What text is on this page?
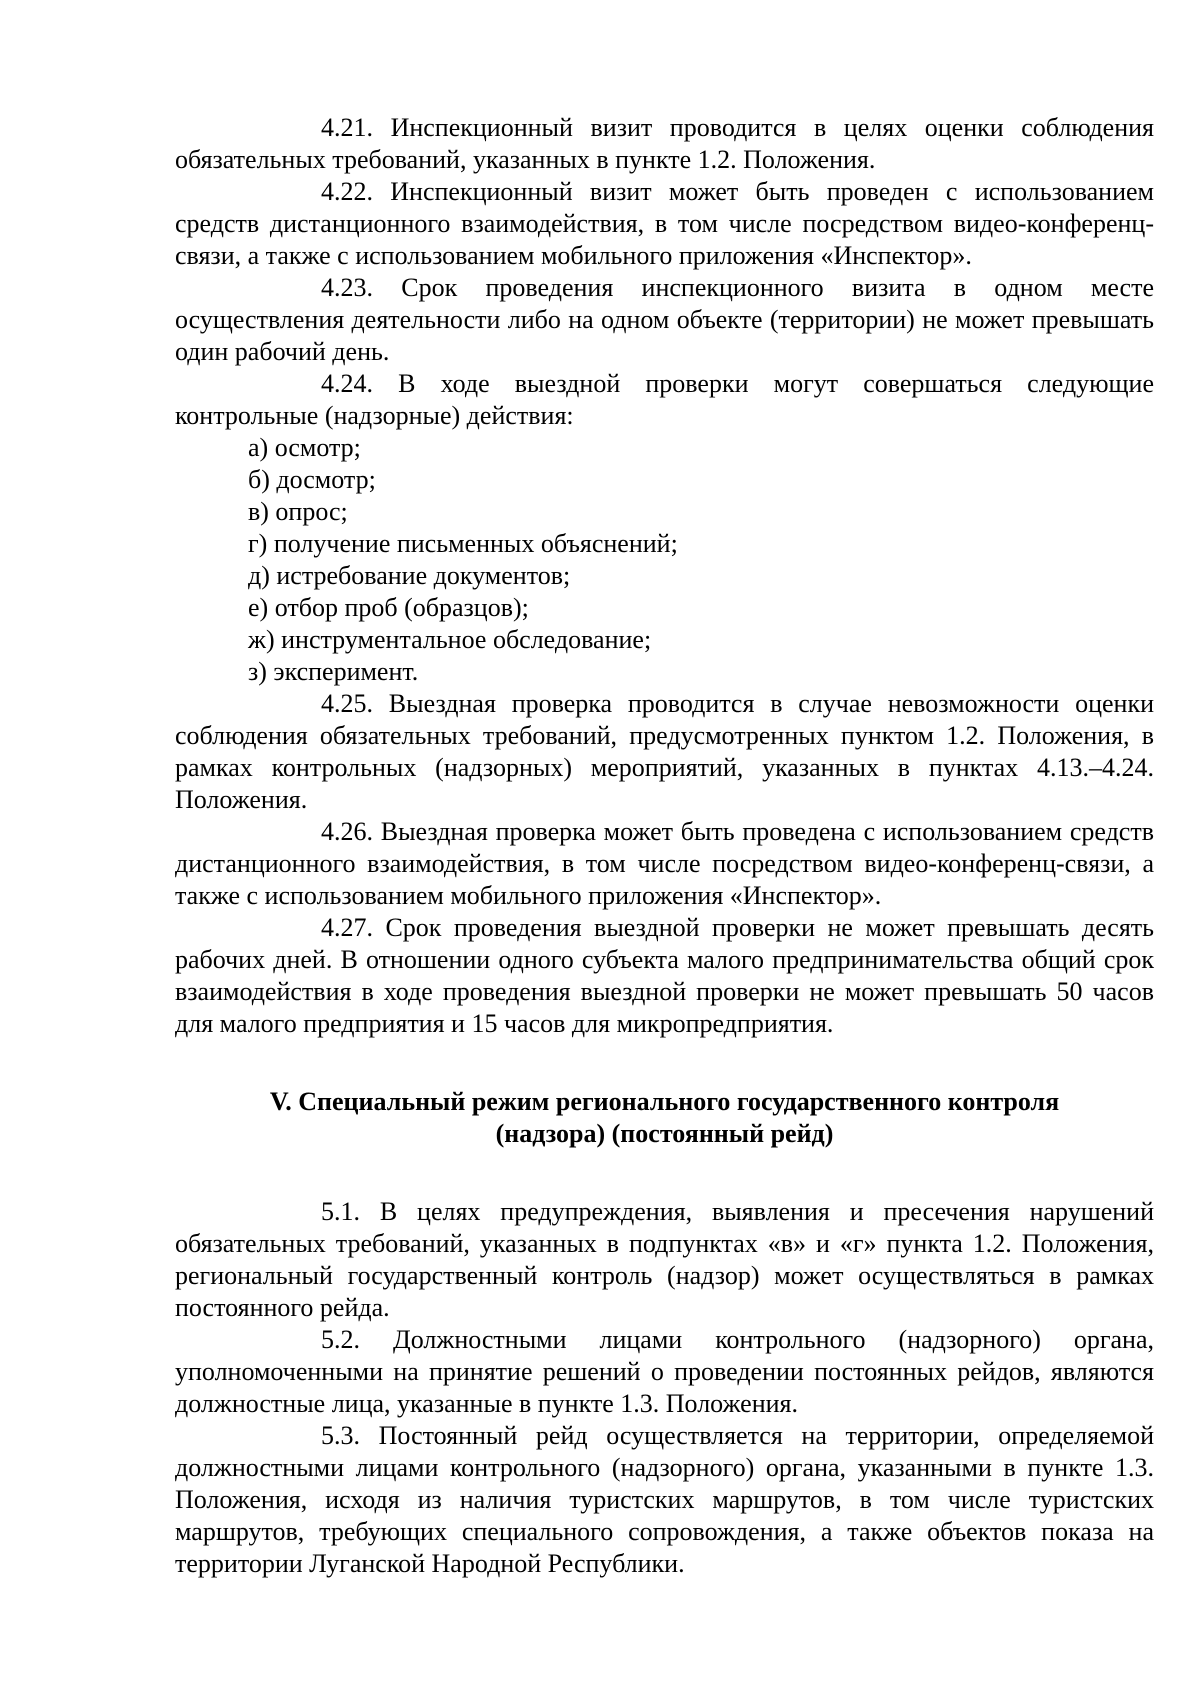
4.21. Инспекционный визит проводится в целях оценки соблюдения обязательных требований, указанных в пункте 1.2. Положения.

4.22. Инспекционный визит может быть проведен с использованием средств дистанционного взаимодействия, в том числе посредством видео-конференц-связи, а также с использованием мобильного приложения «Инспектор».

4.23. Срок проведения инспекционного визита в одном месте осуществления деятельности либо на одном объекте (территории) не может превышать один рабочий день.

4.24. В ходе выездной проверки могут совершаться следующие контрольные (надзорные) действия:

а) осмотр;

б) досмотр;

в) опрос;

г) получение письменных объяснений;

д) истребование документов;

е) отбор проб (образцов);

ж) инструментальное обследование;

з) эксперимент.

4.25. Выездная проверка проводится в случае невозможности оценки соблюдения обязательных требований, предусмотренных пунктом 1.2. Положения, в рамках контрольных (надзорных) мероприятий, указанных в пунктах 4.13.–4.24. Положения.

4.26. Выездная проверка может быть проведена с использованием средств дистанционного взаимодействия, в том числе посредством видео-конференц-связи, а также с использованием мобильного приложения «Инспектор».

4.27. Срок проведения выездной проверки не может превышать десять рабочих дней. В отношении одного субъекта малого предпринимательства общий срок взаимодействия в ходе проведения выездной проверки не может превышать 50 часов для малого предприятия и 15 часов для микропредприятия.

V. Специальный режим регионального государственного контроля
(надзора) (постоянный рейд)

5.1. В целях предупреждения, выявления и пресечения нарушений обязательных требований, указанных в подпунктах «в» и «г» пункта 1.2. Положения, региональный государственный контроль (надзор) может осуществляться в рамках постоянного рейда.

5.2. Должностными лицами контрольного (надзорного) органа, уполномоченными на принятие решений о проведении постоянных рейдов, являются должностные лица, указанные в пункте 1.3. Положения.

5.3. Постоянный рейд осуществляется на территории, определяемой должностными лицами контрольного (надзорного) органа, указанными в пункте 1.3. Положения, исходя из наличия туристских маршрутов, в том числе туристских маршрутов, требующих специального сопровождения, а также объектов показа на территории Луганской Народной Республики.
